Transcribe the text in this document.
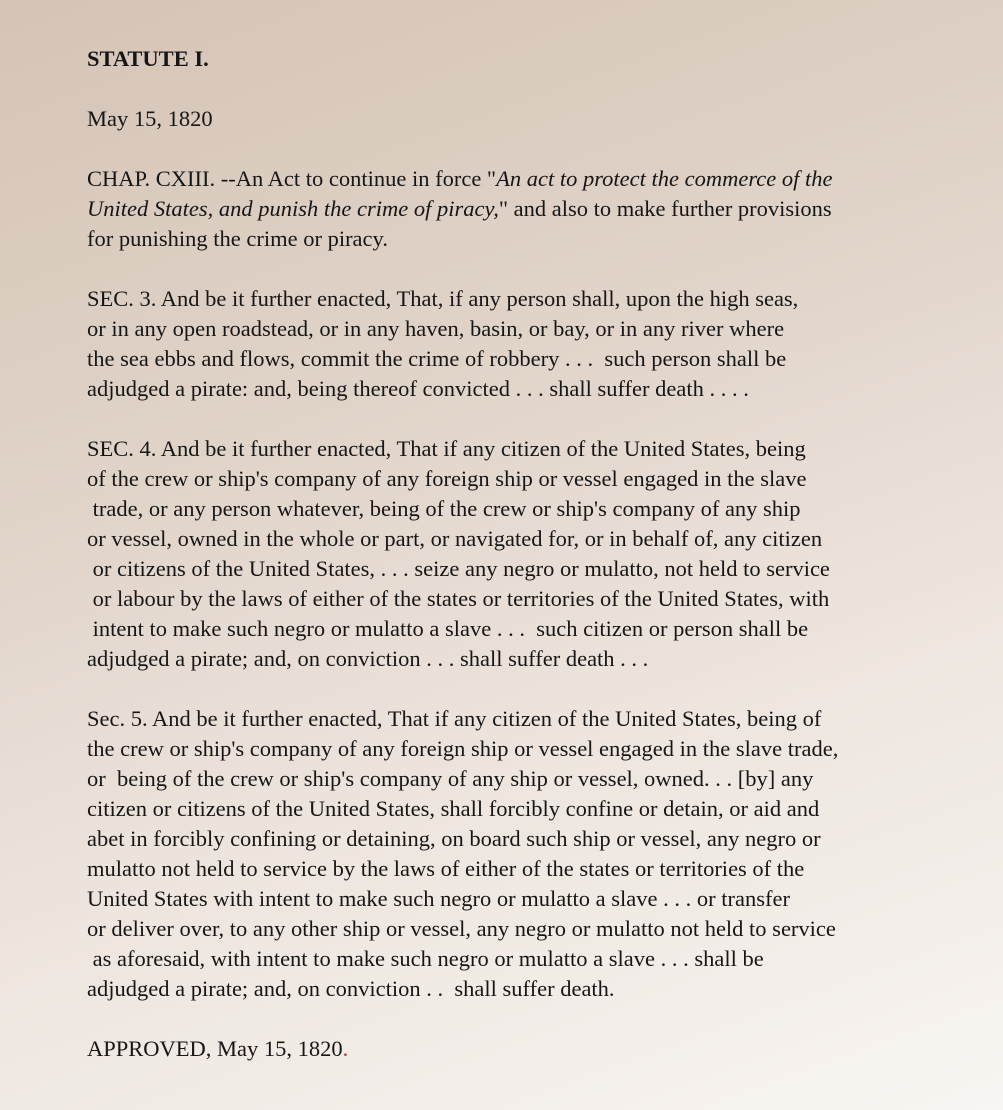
STATUTE I.
May 15, 1820
CHAP. CXIII. --An Act to continue in force "An act to protect the commerce of the
United States, and punish the crime of piracy," and also to make further provisions
for punishing the crime or piracy.
SEC. 3. And be it further enacted, That, if any person shall, upon the high seas,
or in any open roadstead, or in any haven, basin, or bay, or in any river where
the sea ebbs and flows, commit the crime of robbery . . .  such person shall be
adjudged a pirate: and, being thereof convicted . . . shall suffer death . . . .
SEC. 4. And be it further enacted, That if any citizen of the United States, being
of the crew or ship's company of any foreign ship or vessel engaged in the slave
trade, or any person whatever, being of the crew or ship's company of any ship
or vessel, owned in the whole or part, or navigated for, or in behalf of, any citizen
or citizens of the United States, . . . seize any negro or mulatto, not held to service
or labour by the laws of either of the states or territories of the United States, with
intent to make such negro or mulatto a slave . . .  such citizen or person shall be
adjudged a pirate; and, on conviction . . . shall suffer death . . .
Sec. 5. And be it further enacted, That if any citizen of the United States, being of
the crew or ship's company of any foreign ship or vessel engaged in the slave trade,
or  being of the crew or ship's company of any ship or vessel, owned. . . [by] any
citizen or citizens of the United States, shall forcibly confine or detain, or aid and
abet in forcibly confining or detaining, on board such ship or vessel, any negro or
mulatto not held to service by the laws of either of the states or territories of the
United States with intent to make such negro or mulatto a slave . . . or transfer
or deliver over, to any other ship or vessel, any negro or mulatto not held to service
as aforesaid, with intent to make such negro or mulatto a slave . . . shall be
adjudged a pirate; and, on conviction . .  shall suffer death.
APPROVED, May 15, 1820.
